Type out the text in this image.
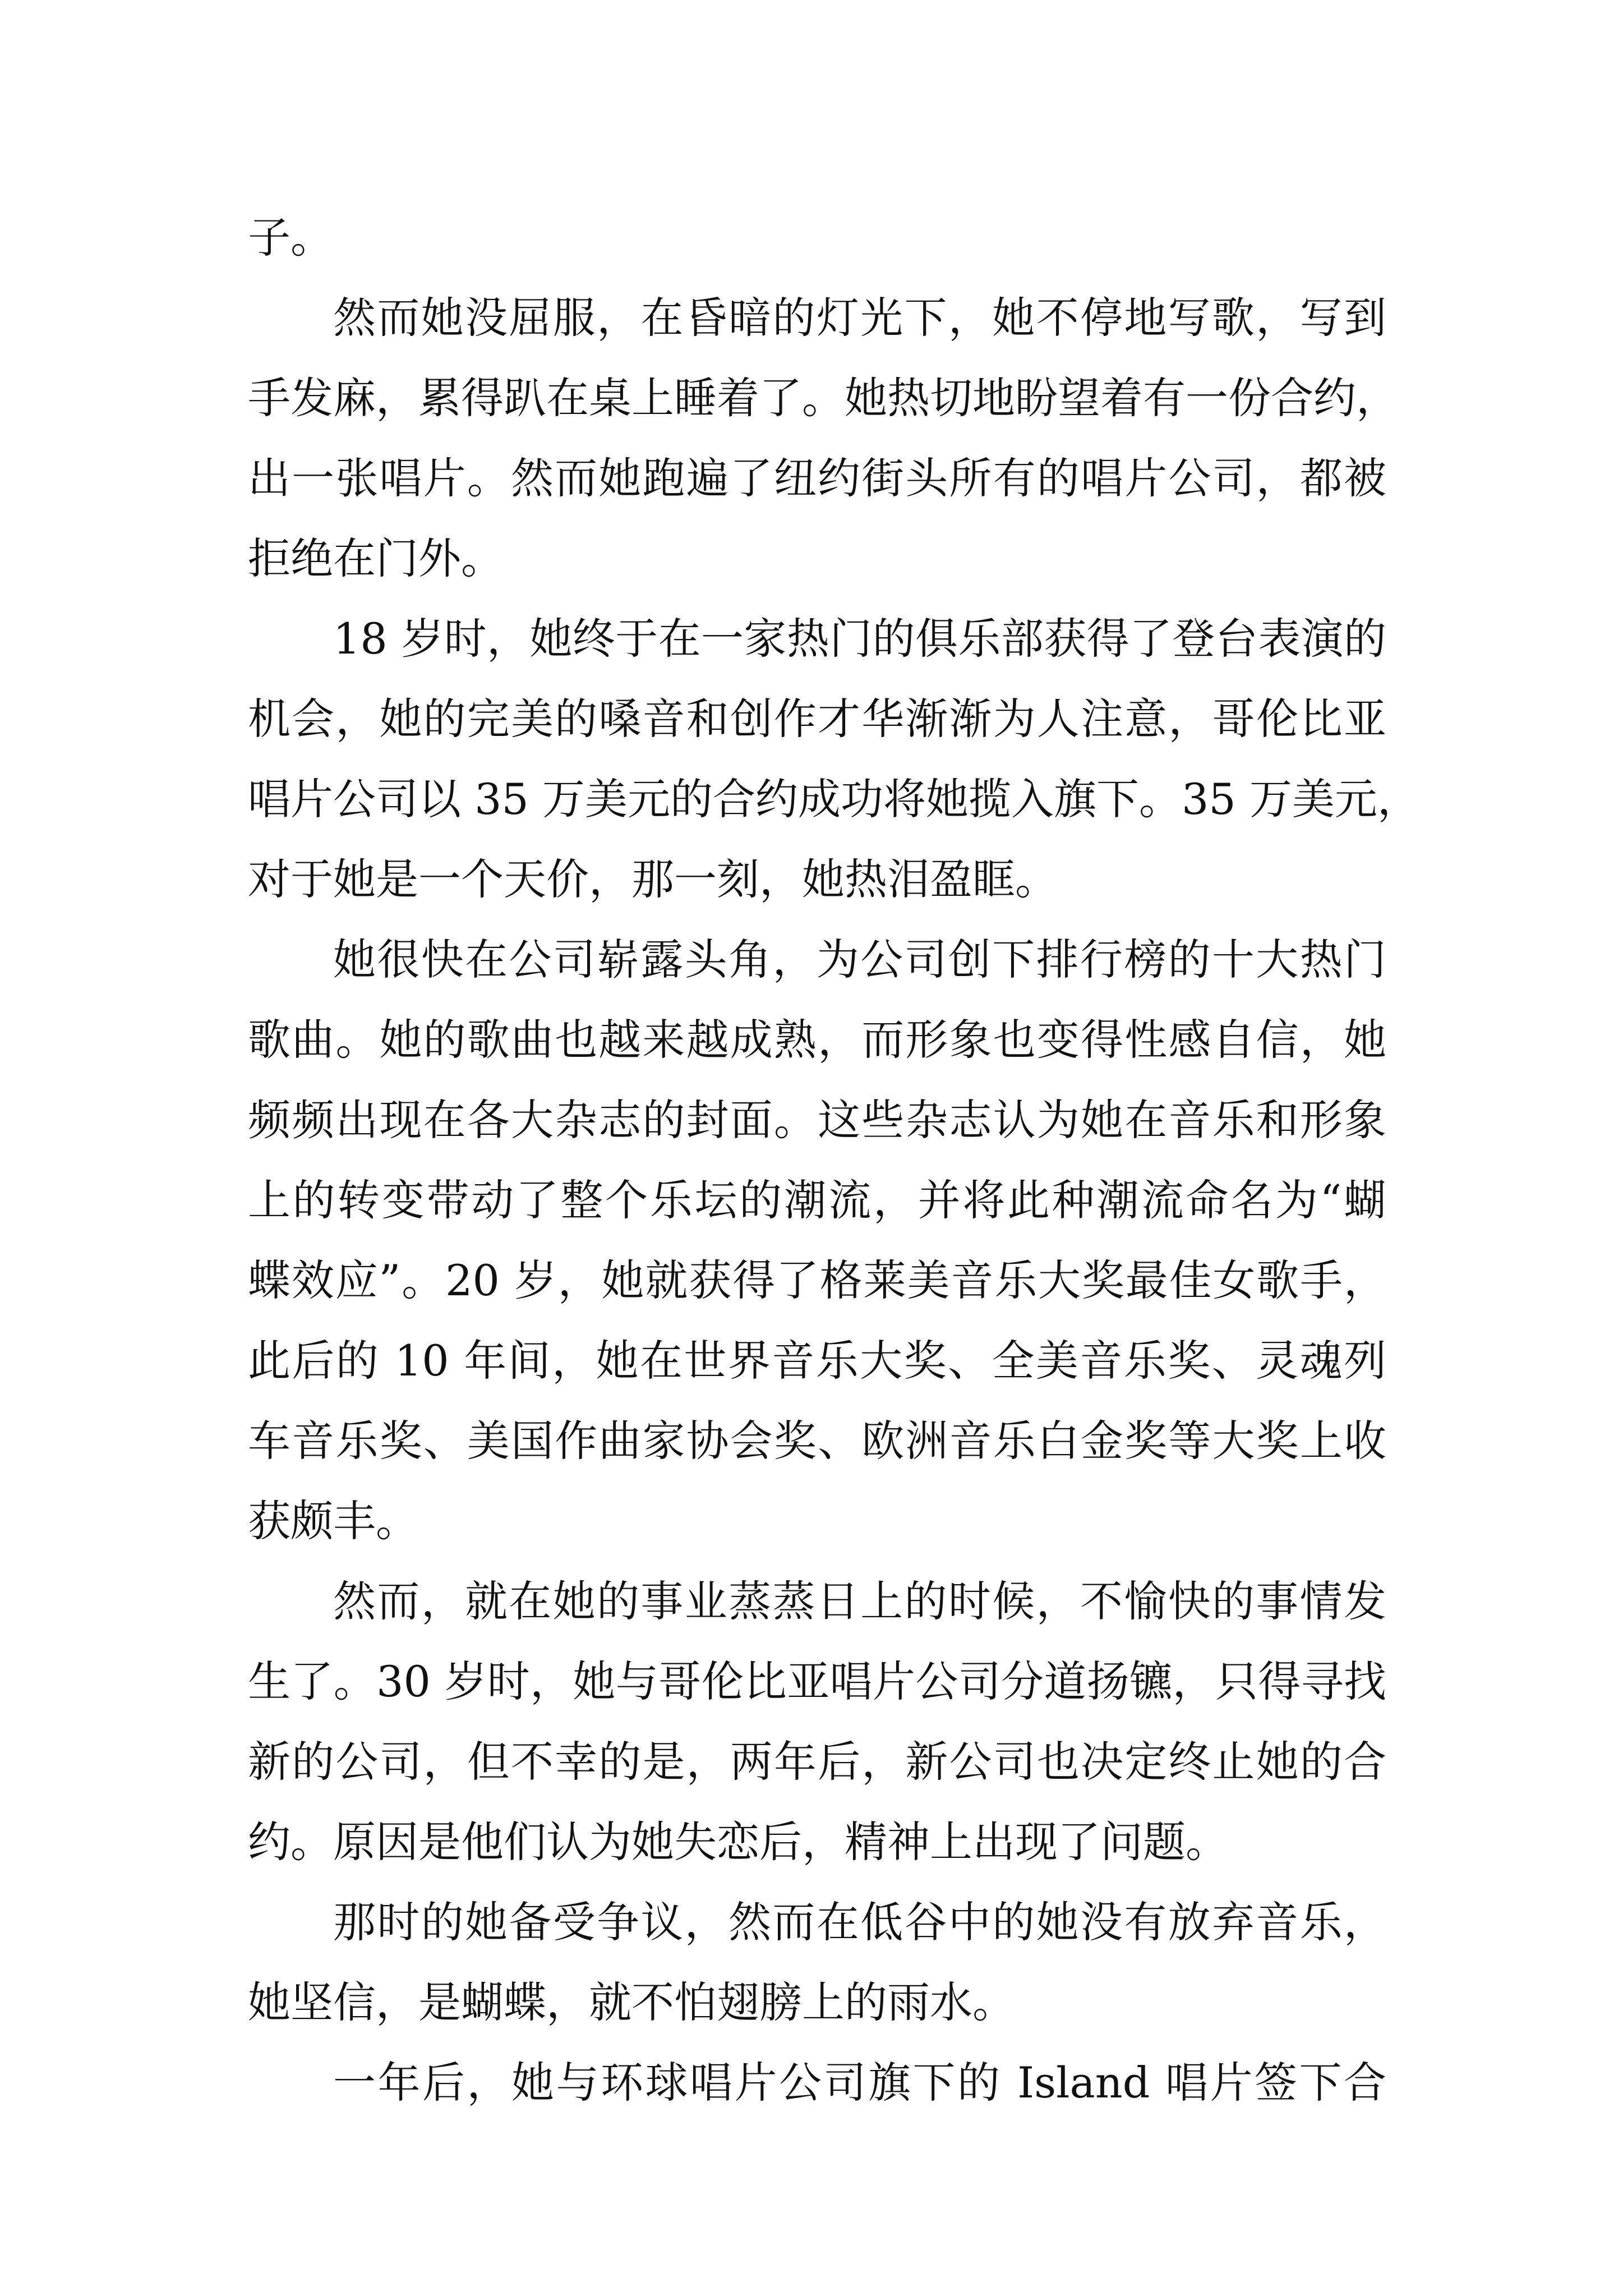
子。
然而她没屈服，在昏暗的灯光下，她不停地写歌，写到
手发麻，累得趴在桌上睡着了。她热切地盼望着有一份合约，
出一张唱片。然而她跑遍了纽约街头所有的唱片公司，都被
拒绝在门外。
18 岁时，她终于在一家热门的俱乐部获得了登台表演的
机会，她的完美的嗓音和创作才华渐渐为人注意，哥伦比亚
唱片公司以 35 万美元的合约成功将她揽入旗下。35 万美元，
对于她是一个天价，那一刻，她热泪盈眶。
她很快在公司崭露头角，为公司创下排行榜的十大热门
歌曲。她的歌曲也越来越成熟，而形象也变得性感自信，她
频频出现在各大杂志的封面。这些杂志认为她在音乐和形象
上的转变带动了整个乐坛的潮流，并将此种潮流命名为“蝴
蝶效应”。20 岁，她就获得了格莱美音乐大奖最佳女歌手，
此后的 10 年间，她在世界音乐大奖、全美音乐奖、灵魂列
车音乐奖、美国作曲家协会奖、欧洲音乐白金奖等大奖上收
获颇丰。
然而，就在她的事业蒸蒸日上的时候，不愉快的事情发
生了。30 岁时，她与哥伦比亚唱片公司分道扬镳，只得寻找
新的公司，但不幸的是，两年后，新公司也决定终止她的合
约。原因是他们认为她失恋后，精神上出现了问题。
那时的她备受争议，然而在低谷中的她没有放弃音乐，
她坚信，是蝴蝶，就不怕翅膀上的雨水。
一年后，她与环球唱片公司旗下的 Island 唱片签下合
